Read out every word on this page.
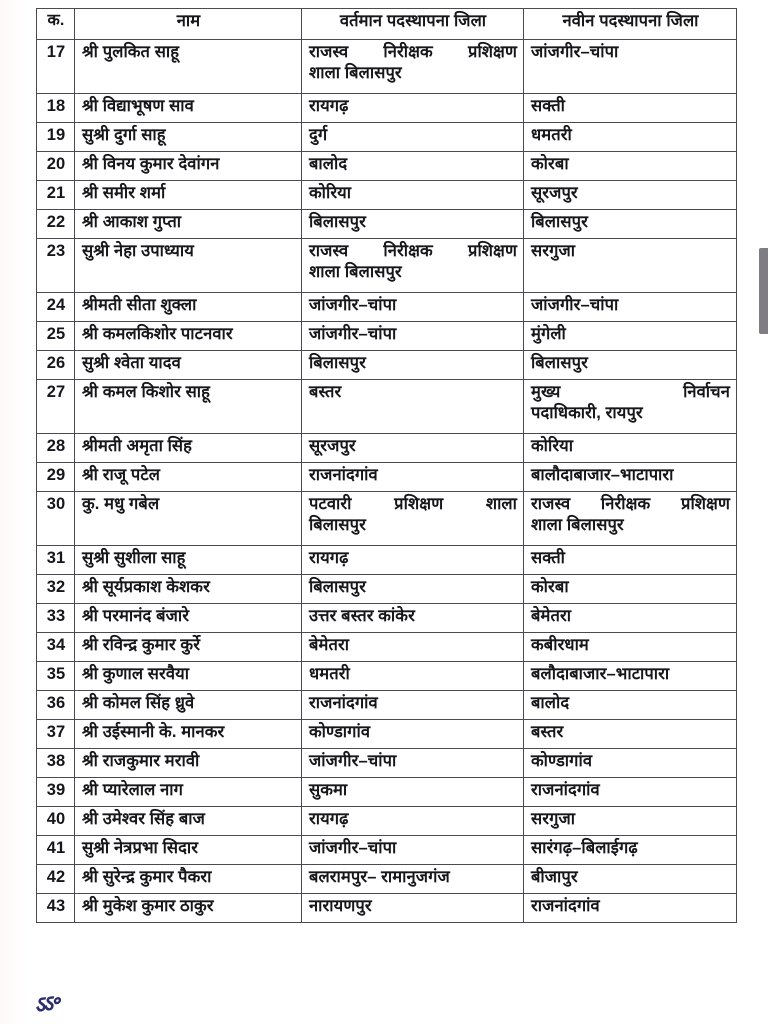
क.	नाम	वर्तमान पदस्थापना जिला	नवीन पदस्थापना जिला
17	श्री पुलकित साहू	राजस्व निरीक्षक प्रशिक्षण
शाला बिलासपुर	जांजगीर–चांपा
18	श्री विद्याभूषण साव	रायगढ़	सक्ती
19	सुश्री दुर्गा साहू	दुर्ग	धमतरी
20	श्री विनय कुमार देवांगन	बालोद	कोरबा
21	श्री समीर शर्मा	कोरिया	सूरजपुर
22	श्री आकाश गुप्ता	बिलासपुर	बिलासपुर
23	सुश्री नेहा उपाध्याय	राजस्व निरीक्षक प्रशिक्षण
शाला बिलासपुर	सरगुजा
24	श्रीमती सीता शुक्ला	जांजगीर–चांपा	जांजगीर–चांपा
25	श्री कमलकिशोर पाटनवार	जांजगीर–चांपा	मुंगेली
26	सुश्री श्वेता यादव	बिलासपुर	बिलासपुर
27	श्री कमल किशोर साहू	बस्तर	मुख्य निर्वाचन
पदाधिकारी, रायपुर

28	श्रीमती अमृता सिंह	सूरजपुर	कोरिया
29	श्री राजू पटेल	राजनांदगांव	बालौदाबाजार–भाटापारा
30	कु. मधु गबेल	पटवारी प्रशिक्षण शाला
बिलासपुर	राजस्व निरीक्षक प्रशिक्षण
शाला बिलासपुर

31	सुश्री सुशीला साहू	रायगढ़	सक्ती
32	श्री सूर्यप्रकाश केशकर	बिलासपुर	कोरबा
33	श्री परमानंद बंजारे	उत्तर बस्तर कांकेर	बेमेतरा
34	श्री रविन्द्र कुमार कुर्रे	बेमेतरा	कबीरधाम
35	श्री कुणाल सरवैया	धमतरी	बलौदाबाजार–भाटापारा
36	श्री कोमल सिंह ध्रुवे	राजनांदगांव	बालोद
37	श्री उईस्मानी के. मानकर	कोण्डागांव	बस्तर
38	श्री राजकुमार मरावी	जांजगीर–चांपा	कोण्डागांव
39	श्री प्यारेलाल नाग	सुकमा	राजनांदगांव
40	श्री उमेश्वर सिंह बाज	रायगढ़	सरगुजा
41	सुश्री नेत्रप्रभा सिदार	जांजगीर–चांपा	सारंगढ़–बिलाईगढ़
42	श्री सुरेन्द्र कुमार पैकरा	बलरामपुर– रामानुजगंज	बीजापुर
43	श्री मुकेश कुमार ठाकुर	नारायणपुर	राजनांदगांव
ऽऽ॰
